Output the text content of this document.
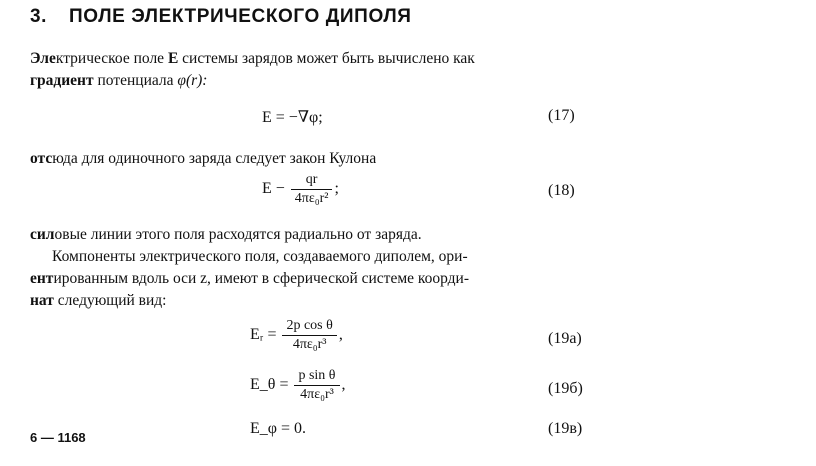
3. ПОЛЕ ЭЛЕКТРИЧЕСКОГО ДИПОЛЯ
Электрическое поле E системы зарядов может быть вычислено как
градиент потенциала φ(r):
E = −∇φ;	(17)
отсюда для одиночного заряда следует закон Кулона
$E - \frac{qr}{\text{4πε₀r²}}$ ;	(18)
силовые линии этого поля расходятся радиально от заряда.
Компоненты электрического поля, создаваемого диполем, ори-
ентированным вдоль оси z, имеют в сферической системе коорди-
нат следующий вид:
Eᵣ = $\frac{\text{2p cos θ}}{\text{4πε₀r³}}$ ,	(19а)
E_θ = $\frac{\text{p sin θ}}{\text{4πε₀r³}}$ ,	(19б)
E_φ = 0.	(19в)
6 — 1168
